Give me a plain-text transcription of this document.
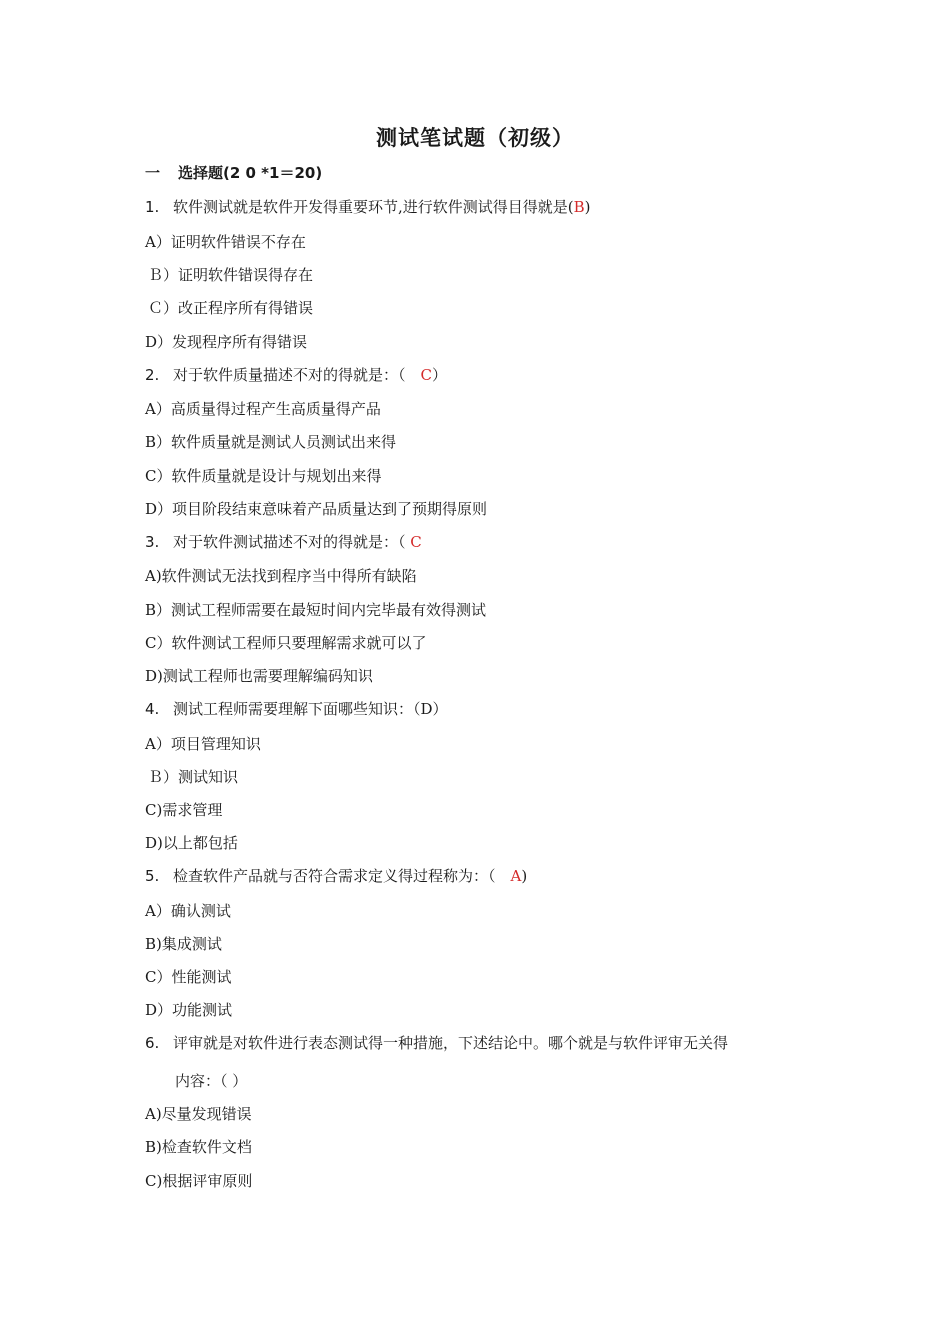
测试笔试题（初级）
一 选择题(2 0 *1＝20)
1. 软件测试就是软件开发得重要环节,进行软件测试得目得就是(B)
A）证明软件错误不存在
Ｂ）证明软件错误得存在
Ｃ）改正程序所有得错误
D）发现程序所有得错误
2. 对于软件质量描述不对的得就是：（　C）
A）高质量得过程产生高质量得产品
B）软件质量就是测试人员测试出来得
C）软件质量就是设计与规划出来得
D）项目阶段结束意味着产品质量达到了预期得原则
3. 对于软件测试描述不对的得就是：（ C
A)软件测试无法找到程序当中得所有缺陷
B）测试工程师需要在最短时间内完毕最有效得测试
C）软件测试工程师只要理解需求就可以了
D)测试工程师也需要理解编码知识
4. 测试工程师需要理解下面哪些知识：（D）
A）项目管理知识
Ｂ）测试知识
C)需求管理
D)以上都包括
5. 检查软件产品就与否符合需求定义得过程称为：（　A)
A）确认测试
B)集成测试
C）性能测试
D）功能测试
6. 评审就是对软件进行表态测试得一种措施，下述结论中。哪个就是与软件评审无关得
内容：（ ）
A)尽量发现错误
B)检查软件文档
C)根据评审原则
